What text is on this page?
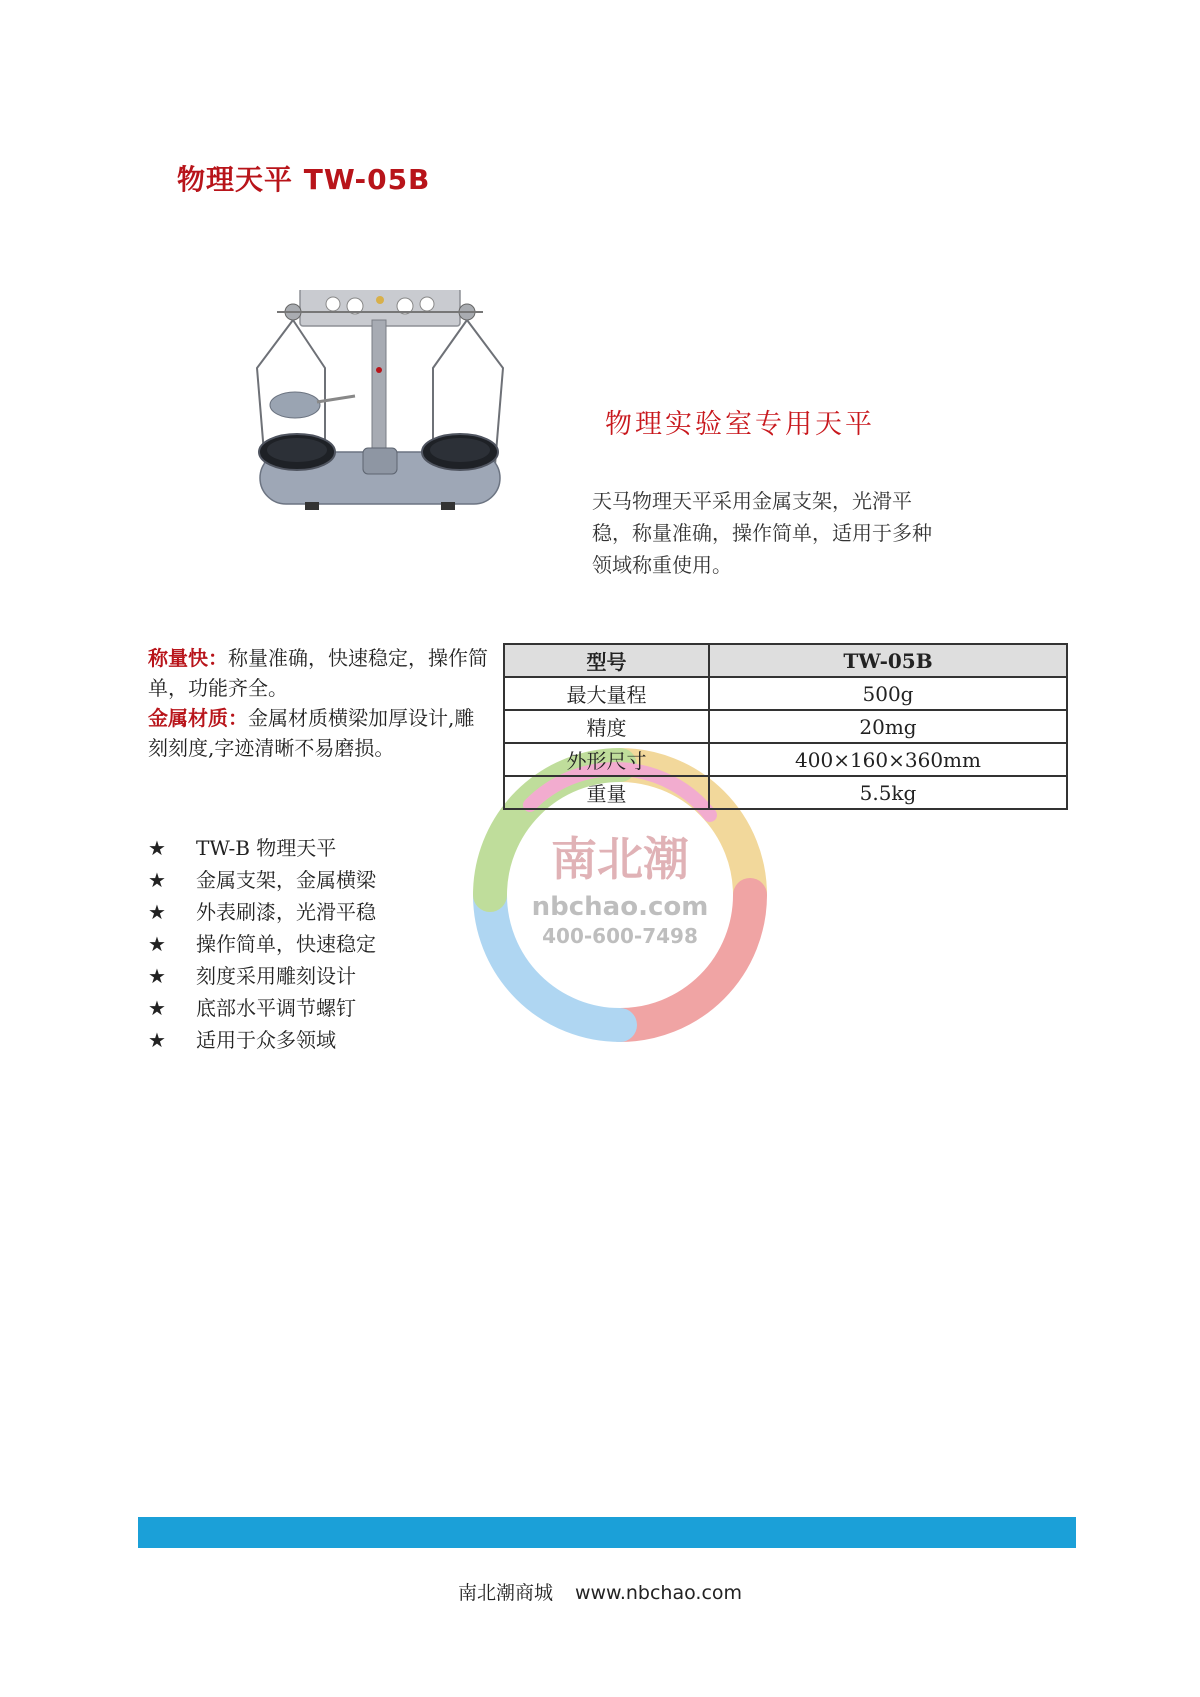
物理天平 TW-05B
物理实验室专用天平
天马物理天平采用金属支架，光滑平稳，称量准确，操作简单，适用于多种领域称重使用。
称量快：称量准确，快速稳定，操作简单，功能齐全。
金属材质：金属材质横梁加厚设计,雕刻刻度,字迹清晰不易磨损。
南北潮
nbchao.com
400-600-7498
型号	TW-05B
最大量程	500g
精度	20mg
外形尺寸	400×160×360mm
重量	5.5kg
★	TW-B 物理天平
★	金属支架，金属横梁
★	外表刷漆，光滑平稳
★	操作简单，快速稳定
★	刻度采用雕刻设计
★	底部水平调节螺钉
★	适用于众多领域
南北潮商城 www.nbchao.com
